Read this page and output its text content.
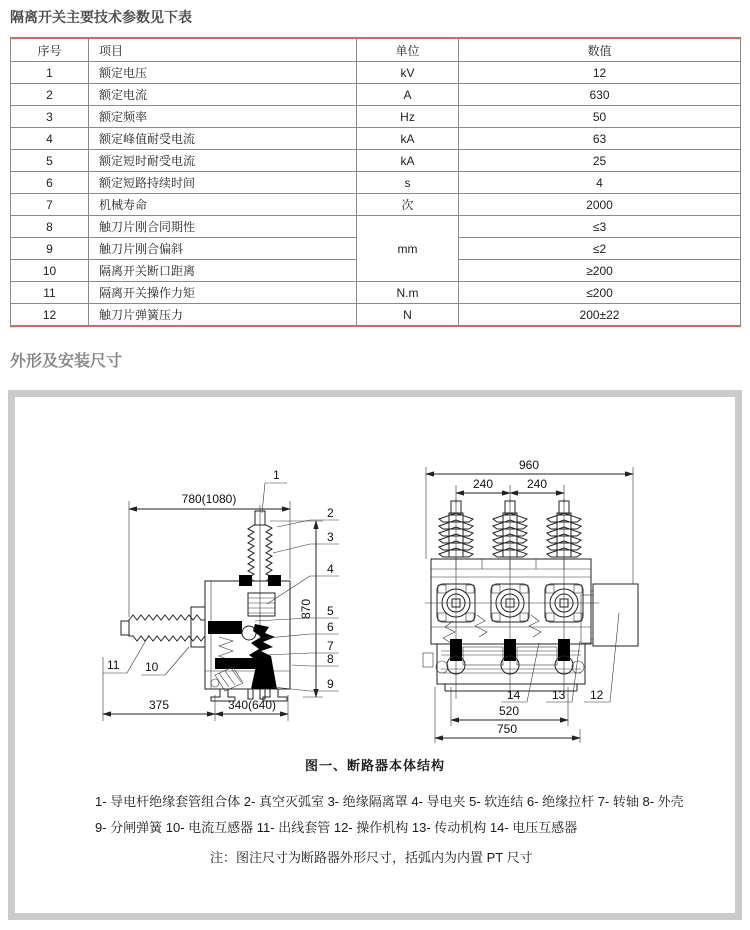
隔离开关主要技术参数见下表
序号	项目	单位	数值
1	额定电压	kV	12
2	额定电流	A	630
3	额定频率	Hz	50
4	额定峰值耐受电流	kA	63
5	额定短时耐受电流	kA	25
6	额定短路持续时间	s	4
7	机械寿命	次	2000
8	触刀片刚合同期性	mm	≤3
9	触刀片刚合偏斜		≤2
10	隔离开关断口距离		≥200
11	隔离开关操作力矩	N.m	≤200
12	触刀片弹簧压力	N	200±22
外形及安装尺寸
780(1080)
870
375	340(640)
1
2
3
4
5
6
7
8
9
10
11
960
240	240
520
750
14	13 12
图一、断路器本体结构
1- 导电杆绝缘套管组合体 2- 真空灭弧室 3- 绝缘隔离罩 4- 导电夹 5- 软连结 6- 绝缘拉杆 7- 转轴 8- 外壳
9- 分闸弹簧 10- 电流互感器 11- 出线套管 12- 操作机构 13- 传动机构 14- 电压互感器
注：图注尺寸为断路器外形尺寸，括弧内为内置 PT 尺寸
